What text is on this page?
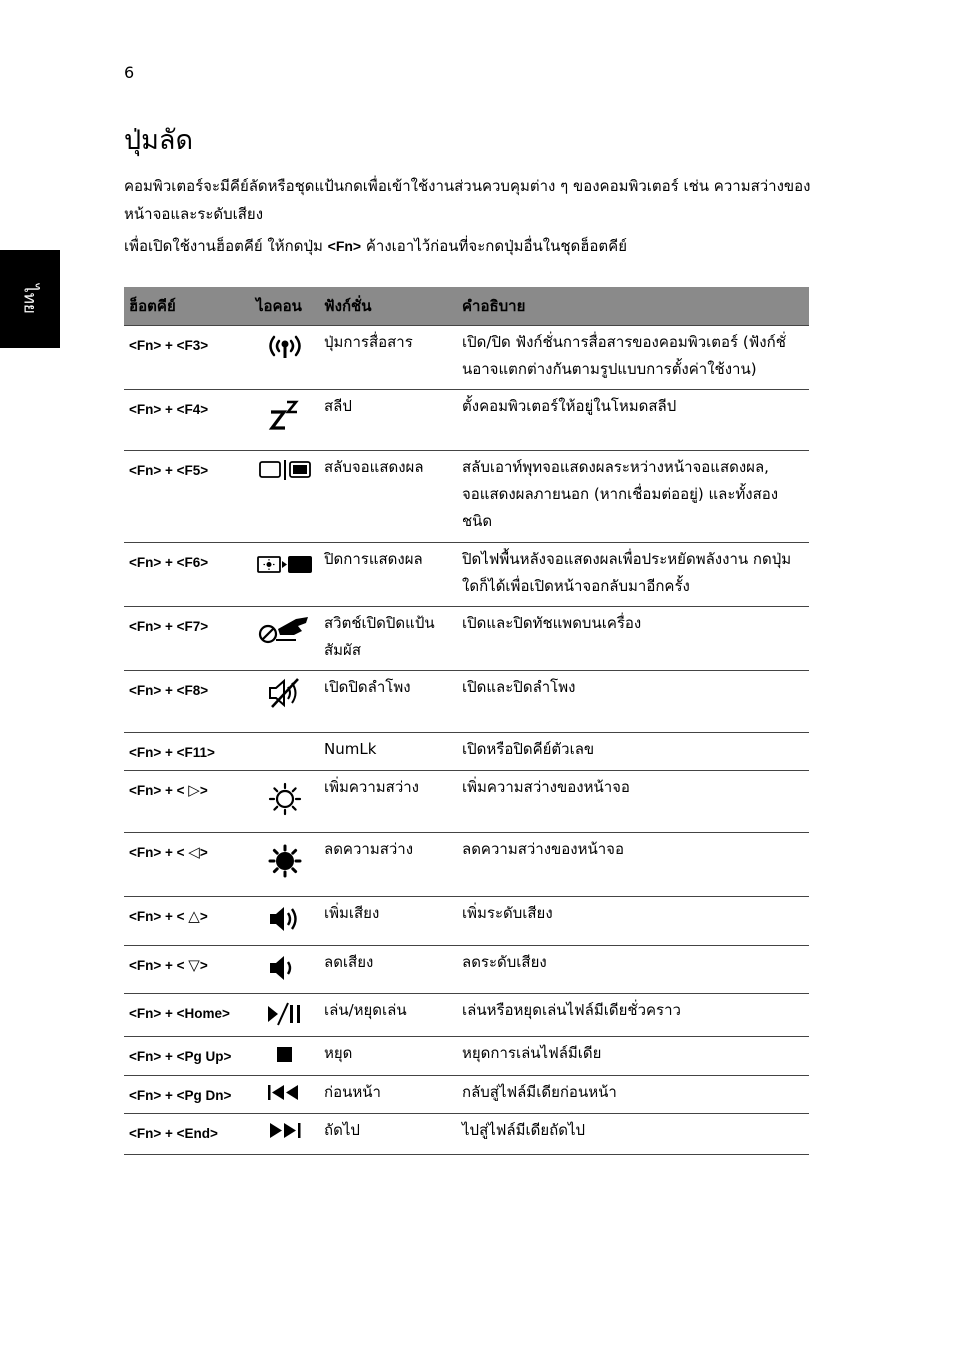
6
ไทย
ปุ่มลัด

คอมพิวเตอร์จะมีคีย์ลัดหรือชุดแป้นกดเพื่อเข้าใช้งานส่วนควบคุมต่าง ๆ ของคอมพิวเตอร์ เช่น ความสว่างของหน้าจอและระดับเสียง

เพื่อเปิดใช้งานฮ็อตคีย์ ให้กดปุ่ม <Fn> ค้างเอาไว้ก่อนที่จะกดปุ่มอื่นในชุดฮ็อตคีย์

ฮ็อตคีย์	ไอคอน	ฟังก์ชั่น	คำอธิบาย
<Fn> + <F3>		ปุ่มการสื่อสาร	เปิด/ปิด ฟังก์ชั่นการสื่อสารของคอมพิวเตอร์ (ฟังก์ชั่นอาจแตกต่างกันตามรูปแบบการตั้งค่าใช้งาน)
<Fn> + <F4>		สลีป	ตั้งคอมพิวเตอร์ให้อยู่ในโหมดสลีป
<Fn> + <F5>		สลับจอแสดงผล	สลับเอาท์พุทจอแสดงผลระหว่างหน้าจอแสดงผล, จอแสดงผลภายนอก (หากเชื่อมต่ออยู่) และทั้งสองชนิด
<Fn> + <F6>		ปิดการแสดงผล	ปิดไฟพื้นหลังจอแสดงผลเพื่อประหยัดพลังงาน กดปุ่มใดก็ได้เพื่อเปิดหน้าจอกลับมาอีกครั้ง
<Fn> + <F7>		สวิตช์เปิดปิดแป้นสัมผัส	เปิดและปิดทัชแพดบนเครื่อง
<Fn> + <F8>		เปิดปิดลำโพง	เปิดและปิดลำโพง
<Fn> + <F11>		NumLk	เปิดหรือปิดคีย์ตัวเลข
<Fn> + < ▷>		เพิ่มความสว่าง	เพิ่มความสว่างของหน้าจอ
<Fn> + < ◁>		ลดความสว่าง	ลดความสว่างของหน้าจอ
<Fn> + < △>		เพิ่มเสียง	เพิ่มระดับเสียง
<Fn> + < ▽>		ลดเสียง	ลดระดับเสียง
<Fn> + <Home>		เล่น/หยุดเล่น	เล่นหรือหยุดเล่นไฟล์มีเดียชั่วคราว
<Fn> + <Pg Up>		หยุด	หยุดการเล่นไฟล์มีเดีย
<Fn> + <Pg Dn>		ก่อนหน้า	กลับสู่ไฟล์มีเดียก่อนหน้า
<Fn> + <End>		ถัดไป	ไปสู่ไฟล์มีเดียถัดไป
